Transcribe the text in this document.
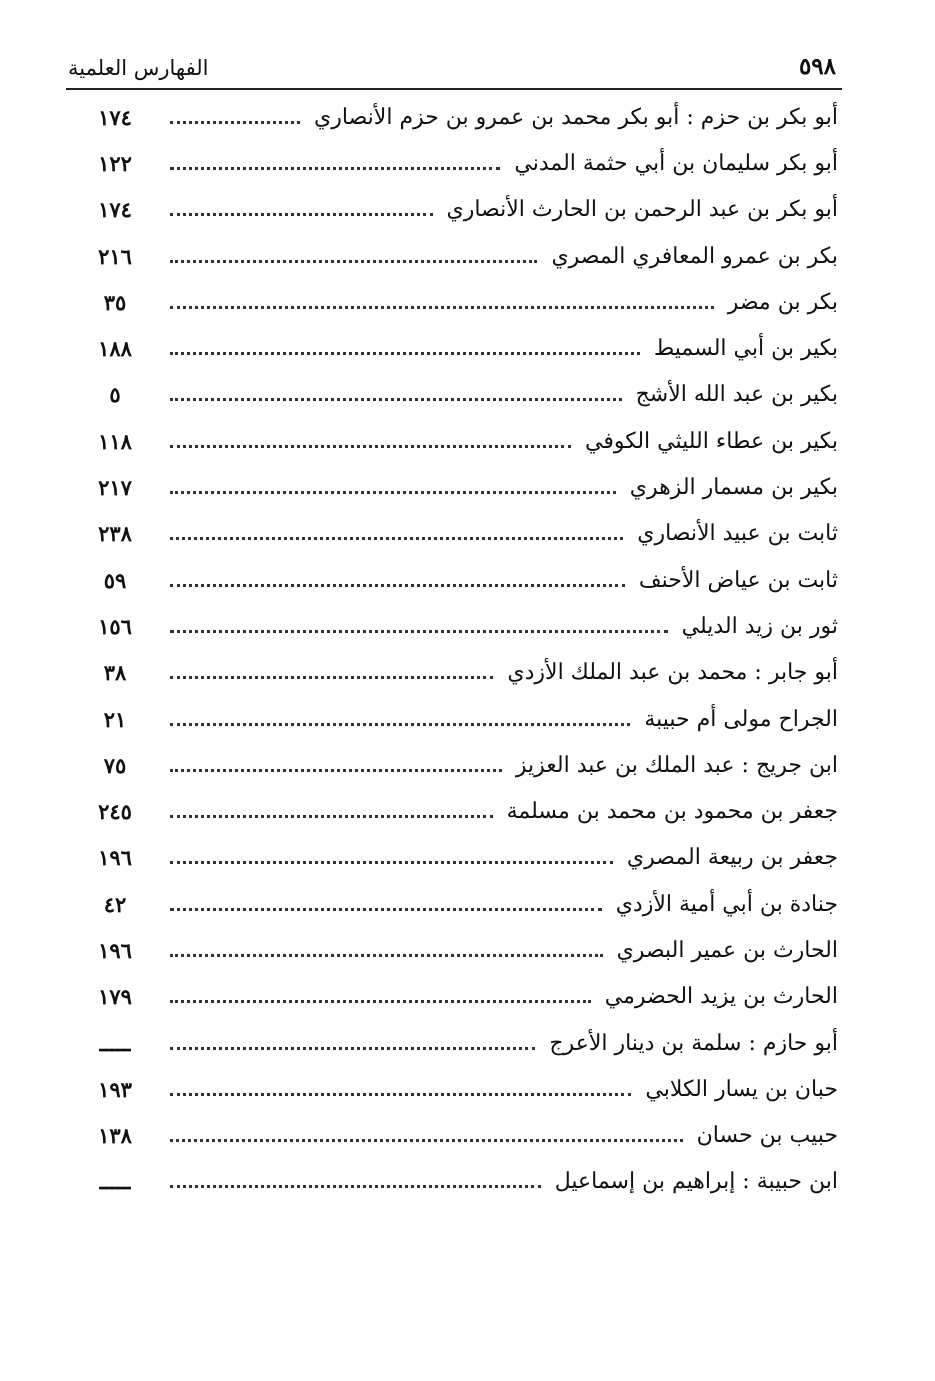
٥٩٨
الفهارس العلمية
أبو بكر بن حزم : أبو بكر محمد بن عمرو بن حزم الأنصاري
١٧٤
أبو بكر سليمان بن أبي حثمة المدني
١٢٢
أبو بكر بن عبد الرحمن بن الحارث الأنصاري
١٧٤
بكر بن عمرو المعافري المصري
٢١٦
بكر بن مضر
٣٥
بكير بن أبي السميط
١٨٨
بكير بن عبد الله الأشج
٥
بكير بن عطاء الليثي الكوفي
١١٨
بكير بن مسمار الزهري
٢١٧
ثابت بن عبيد الأنصاري
٢٣٨
ثابت بن عياض الأحنف
٥٩
ثور بن زيد الديلي
١٥٦
أبو جابر : محمد بن عبد الملك الأزدي
٣٨
الجراح مولى أم حبيبة
٢١
ابن جريج : عبد الملك بن عبد العزيز
٧٥
جعفر بن محمود بن محمد بن مسلمة
٢٤٥
جعفر بن ربيعة المصري
١٩٦
جنادة بن أبي أمية الأزدي
٤٢
الحارث بن عمير البصري
١٩٦
الحارث بن يزيد الحضرمي
١٧٩
أبو حازم : سلمة بن دينار الأعرج
ـــــ
حبان بن يسار الكلابي
١٩٣
حبيب بن حسان
١٣٨
ابن حبيبة : إبراهيم بن إسماعيل
ـــــ
